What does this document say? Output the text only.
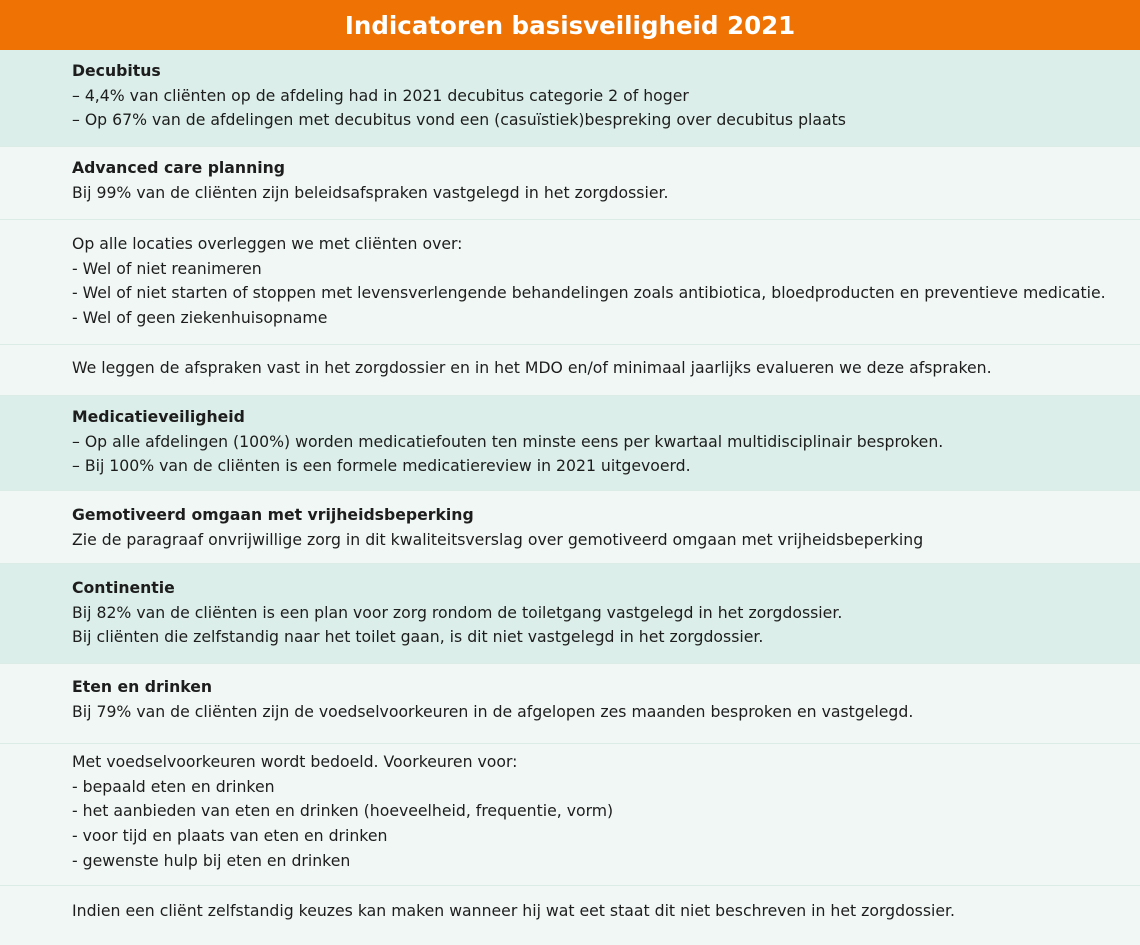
Indicatoren basisveiligheid 2021
Decubitus
– 4,4% van cliënten op de afdeling had in 2021 decubitus categorie 2 of hoger
– Op 67% van de afdelingen met decubitus vond een (casuïstiek)bespreking over decubitus plaats
Advanced care planning
Bij 99% van de cliënten zijn beleidsafspraken vastgelegd in het zorgdossier.
Op alle locaties overleggen we met cliënten over:
- Wel of niet reanimeren
- Wel of niet starten of stoppen met levensverlengende behandelingen zoals antibiotica, bloedproducten en preventieve medicatie.
- Wel of geen ziekenhuisopname
We leggen de afspraken vast in het zorgdossier en in het MDO en/of minimaal jaarlijks evalueren we deze afspraken.
Medicatieveiligheid
– Op alle afdelingen (100%) worden medicatiefouten ten minste eens per kwartaal multidisciplinair besproken.
– Bij 100% van de cliënten is een formele medicatiereview in 2021 uitgevoerd.
Gemotiveerd omgaan met vrijheidsbeperking
Zie de paragraaf onvrijwillige zorg in dit kwaliteitsverslag over gemotiveerd omgaan met vrijheidsbeperking
Continentie
Bij 82% van de cliënten is een plan voor zorg rondom de toiletgang vastgelegd in het zorgdossier.
Bij cliënten die zelfstandig naar het toilet gaan, is dit niet vastgelegd in het zorgdossier.
Eten en drinken
Bij 79% van de cliënten zijn de voedselvoorkeuren in de afgelopen zes maanden besproken en vastgelegd.
Met voedselvoorkeuren wordt bedoeld. Voorkeuren voor:
- bepaald eten en drinken
- het aanbieden van eten en drinken (hoeveelheid, frequentie, vorm)
- voor tijd en plaats van eten en drinken
- gewenste hulp bij eten en drinken
Indien een cliënt zelfstandig keuzes kan maken wanneer hij wat eet staat dit niet beschreven in het zorgdossier.
